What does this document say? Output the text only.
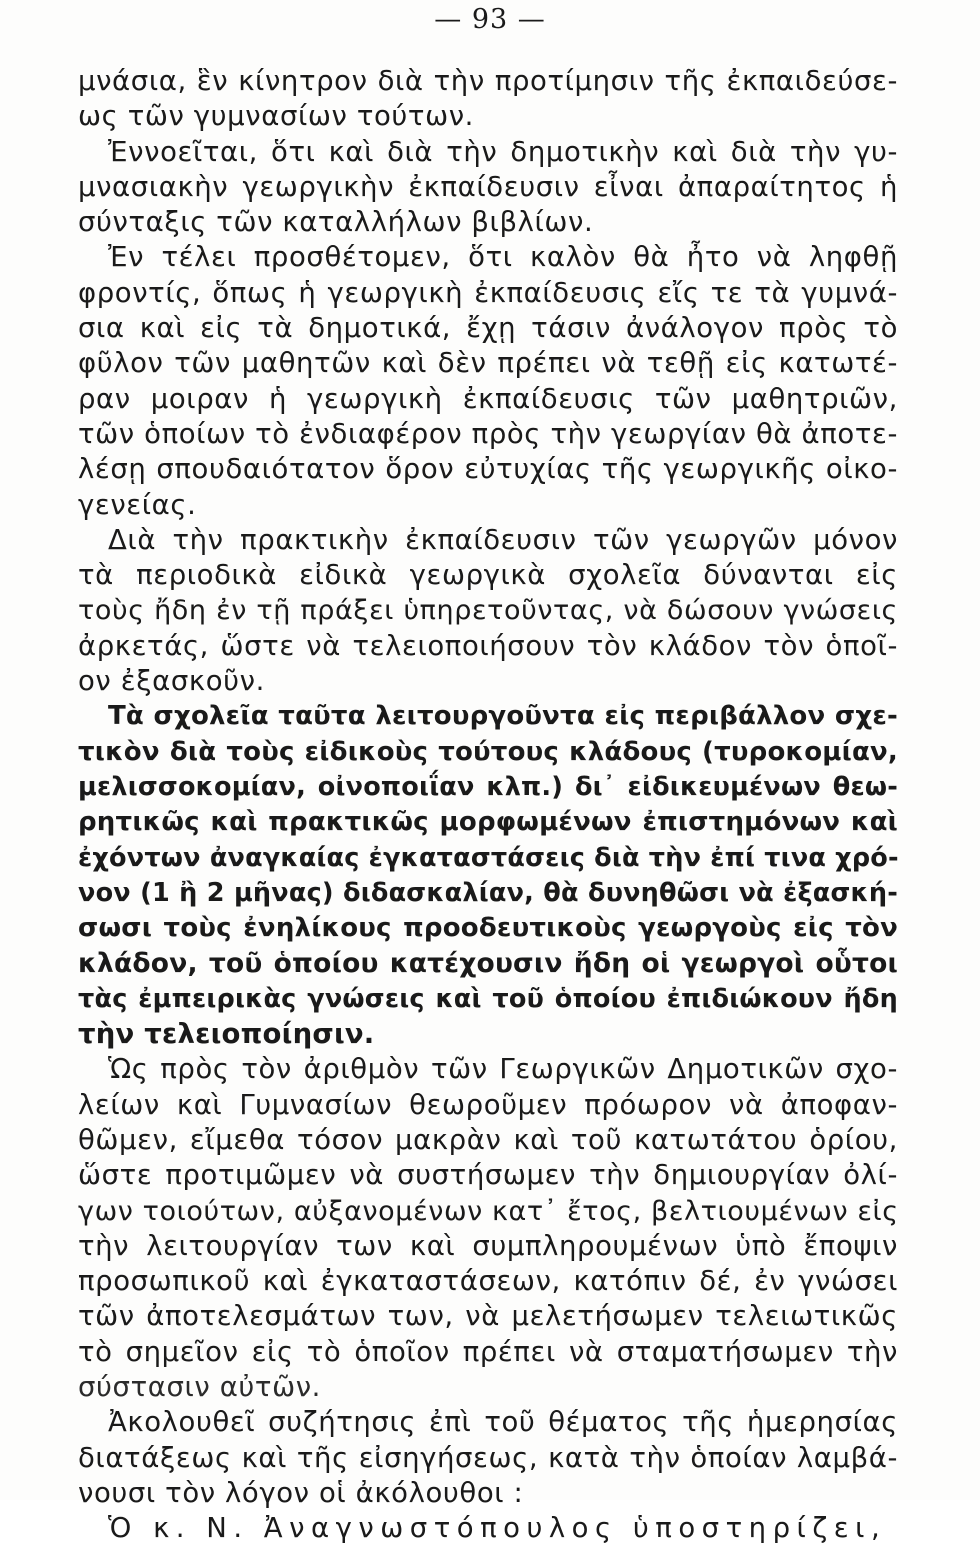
— 93 —
μνάσια, ἓν κίνητρον διὰ τὴν προτίμησιν τῆς ἐκπαιδεύσε-
ως τῶν γυμνασίων τούτων.
Ἐννοεῖται, ὅτι καὶ διὰ τὴν δημοτικὴν καὶ διὰ τὴν γυ-
μνασιακὴν γεωργικὴν ἐκπαίδευσιν εἶναι ἀπαραίτητος ἡ
σύνταξις τῶν καταλλήλων βιβλίων.
Ἐν τέλει προσθέτομεν, ὅτι καλὸν θὰ ἦτο νὰ ληφθῇ
φροντίς, ὅπως ἡ γεωργικὴ ἐκπαίδευσις εἴς τε τὰ γυμνά-
σια καὶ εἰς τὰ δημοτικά, ἔχῃ τάσιν ἀνάλογον πρὸς τὸ
φῦλον τῶν μαθητῶν καὶ δὲν πρέπει νὰ τεθῇ εἰς κατωτέ-
ραν μοιραν ἡ γεωργικὴ ἐκπαίδευσις τῶν μαθητριῶν,
τῶν ὁποίων τὸ ἐνδιαφέρον πρὸς τὴν γεωργίαν θὰ ἀποτε-
λέσῃ σπουδαιότατον ὅρον εὐτυχίας τῆς γεωργικῆς οἰκο-
γενείας.
Διὰ τὴν πρακτικὴν ἐκπαίδευσιν τῶν γεωργῶν μόνον
τὰ περιοδικὰ εἰδικὰ γεωργικὰ σχολεῖα δύνανται εἰς
τοὺς ἤδη ἐν τῇ πράξει ὑπηρετοῦντας, νὰ δώσουν γνώσεις
ἀρκετάς, ὥστε νὰ τελειοποιήσουν τὸν κλάδον τὸν ὁποῖ-
ον ἐξασκοῦν.
Τὰ σχολεῖα ταῦτα λειτουργοῦντα εἰς περιβάλλον σχε-
τικὸν διὰ τοὺς εἰδικοὺς τούτους κλάδους (τυροκομίαν,
μελισσοκομίαν, οἰνοποιΐαν κλπ.) δι᾽ εἰδικευμένων θεω-
ρητικῶς καὶ πρακτικῶς μορφωμένων ἐπιστημόνων καὶ
ἐχόντων ἀναγκαίας ἐγκαταστάσεις διὰ τὴν ἐπί τινα χρό-
νον (1 ἢ 2 μῆνας) διδασκαλίαν, θὰ δυνηθῶσι νὰ ἐξασκή-
σωσι τοὺς ἐνηλίκους προοδευτικοὺς γεωργοὺς εἰς τὸν
κλάδον, τοῦ ὁποίου κατέχουσιν ἤδη οἱ γεωργοὶ οὗτοι
τὰς ἐμπειρικὰς γνώσεις καὶ τοῦ ὁποίου ἐπιδιώκουν ἤδη
τὴν τελειοποίησιν.
Ὡς πρὸς τὸν ἀριθμὸν τῶν Γεωργικῶν Δημοτικῶν σχο-
λείων καὶ Γυμνασίων θεωροῦμεν πρόωρον νὰ ἀποφαν-
θῶμεν, εἴμεθα τόσον μακρὰν καὶ τοῦ κατωτάτου ὁρίου,
ὥστε προτιμῶμεν νὰ συστήσωμεν τὴν δημιουργίαν ὀλί-
γων τοιούτων, αὐξανομένων κατ᾽ ἔτος, βελτιουμένων εἰς
τὴν λειτουργίαν των καὶ συμπληρουμένων ὑπὸ ἔποψιν
προσωπικοῦ καὶ ἐγκαταστάσεων, κατόπιν δέ, ἐν γνώσει
τῶν ἀποτελεσμάτων των, νὰ μελετήσωμεν τελειωτικῶς
τὸ σημεῖον εἰς τὸ ὁποῖον πρέπει νὰ σταματήσωμεν τὴν
σύστασιν αὐτῶν.
Ἀκολουθεῖ συζήτησις ἐπὶ τοῦ θέματος τῆς ἡμερησίας
διατάξεως καὶ τῆς εἰσηγήσεως, κατὰ τὴν ὁποίαν λαμβά-
νουσι τὸν λόγον οἱ ἀκόλουθοι :
Ὁ κ. Ν. Ἀναγνωστόπουλος ὑποστηρίζει,
